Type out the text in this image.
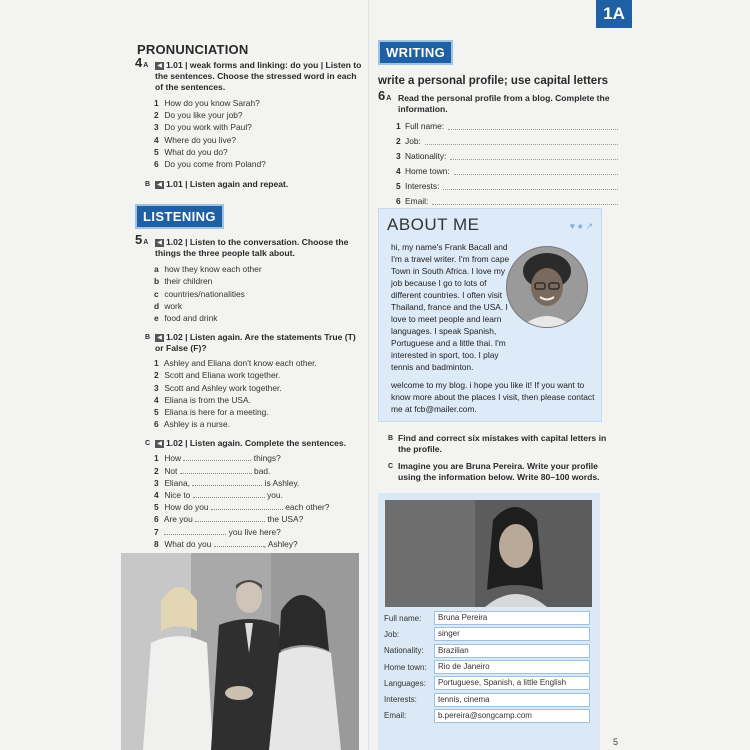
1A
PRONUNCIATION
4A ◀ 1.01 | weak forms and linking: do you | Listen to the sentences. Choose the stressed word in each of the sentences.
1 How do you know Sarah?
2 Do you like your job?
3 Do you work with Paul?
4 Where do you live?
5 What do you do?
6 Do you come from Poland?
B ◀ 1.01 | Listen again and repeat.
LISTENING
5A ◀ 1.02 | Listen to the conversation. Choose the things the three people talk about.
a how they know each other
b their children
c countries/nationalities
d work
e food and drink
B ◀ 1.02 | Listen again. Are the statements True (T) or False (F)?
1 Ashley and Eliana don't know each other.
2 Scott and Eliana work together.
3 Scott and Ashley work together.
4 Eliana is from the USA.
5 Eliana is here for a meeting.
6 Ashley is a nurse.
C ◀ 1.02 | Listen again. Complete the sentences.
1 How	things?
2 Not	bad.
3 Eliana,	is Ashley.
4 Nice to	you.
5 How do you	each other?
6 Are you	the USA?
7	you live here?
8 What do you	, Ashley?
WRITING
write a personal profile; use capital letters
6A Read the personal profile from a blog. Complete the information.
1 Full name:
2 Job:
3 Nationality:
4 Home town:
5 Interests:
6 Email:
ABOUT ME	♥ ● ↗

hi, my name's Frank Bacall and I'm a travel writer. I'm from cape Town in South Africa. I love my job because I go to lots of different countries. I often visit Thailand, france and the USA. I love to meet people and learn languages. I speak Spanish, Portuguese and a little thai. I'm interested in sport, too. I play tennis and badminton.

welcome to my blog. i hope you like it! If you want to know more about the places I visit, then please contact me at fcb@mailer.com.

B Find and correct six mistakes with capital letters in the profile.
C Imagine you are Bruna Pereira. Write your profile using the information below. Write 80–100 words.
Full name:	Bruna Pereira
Job:	singer
Nationality:	Brazilian
Home town:	Rio de Janeiro
Languages:	Portuguese, Spanish, a little English
Interests:	tennis, cinema
Email:	b.pereira@songcamp.com
5
